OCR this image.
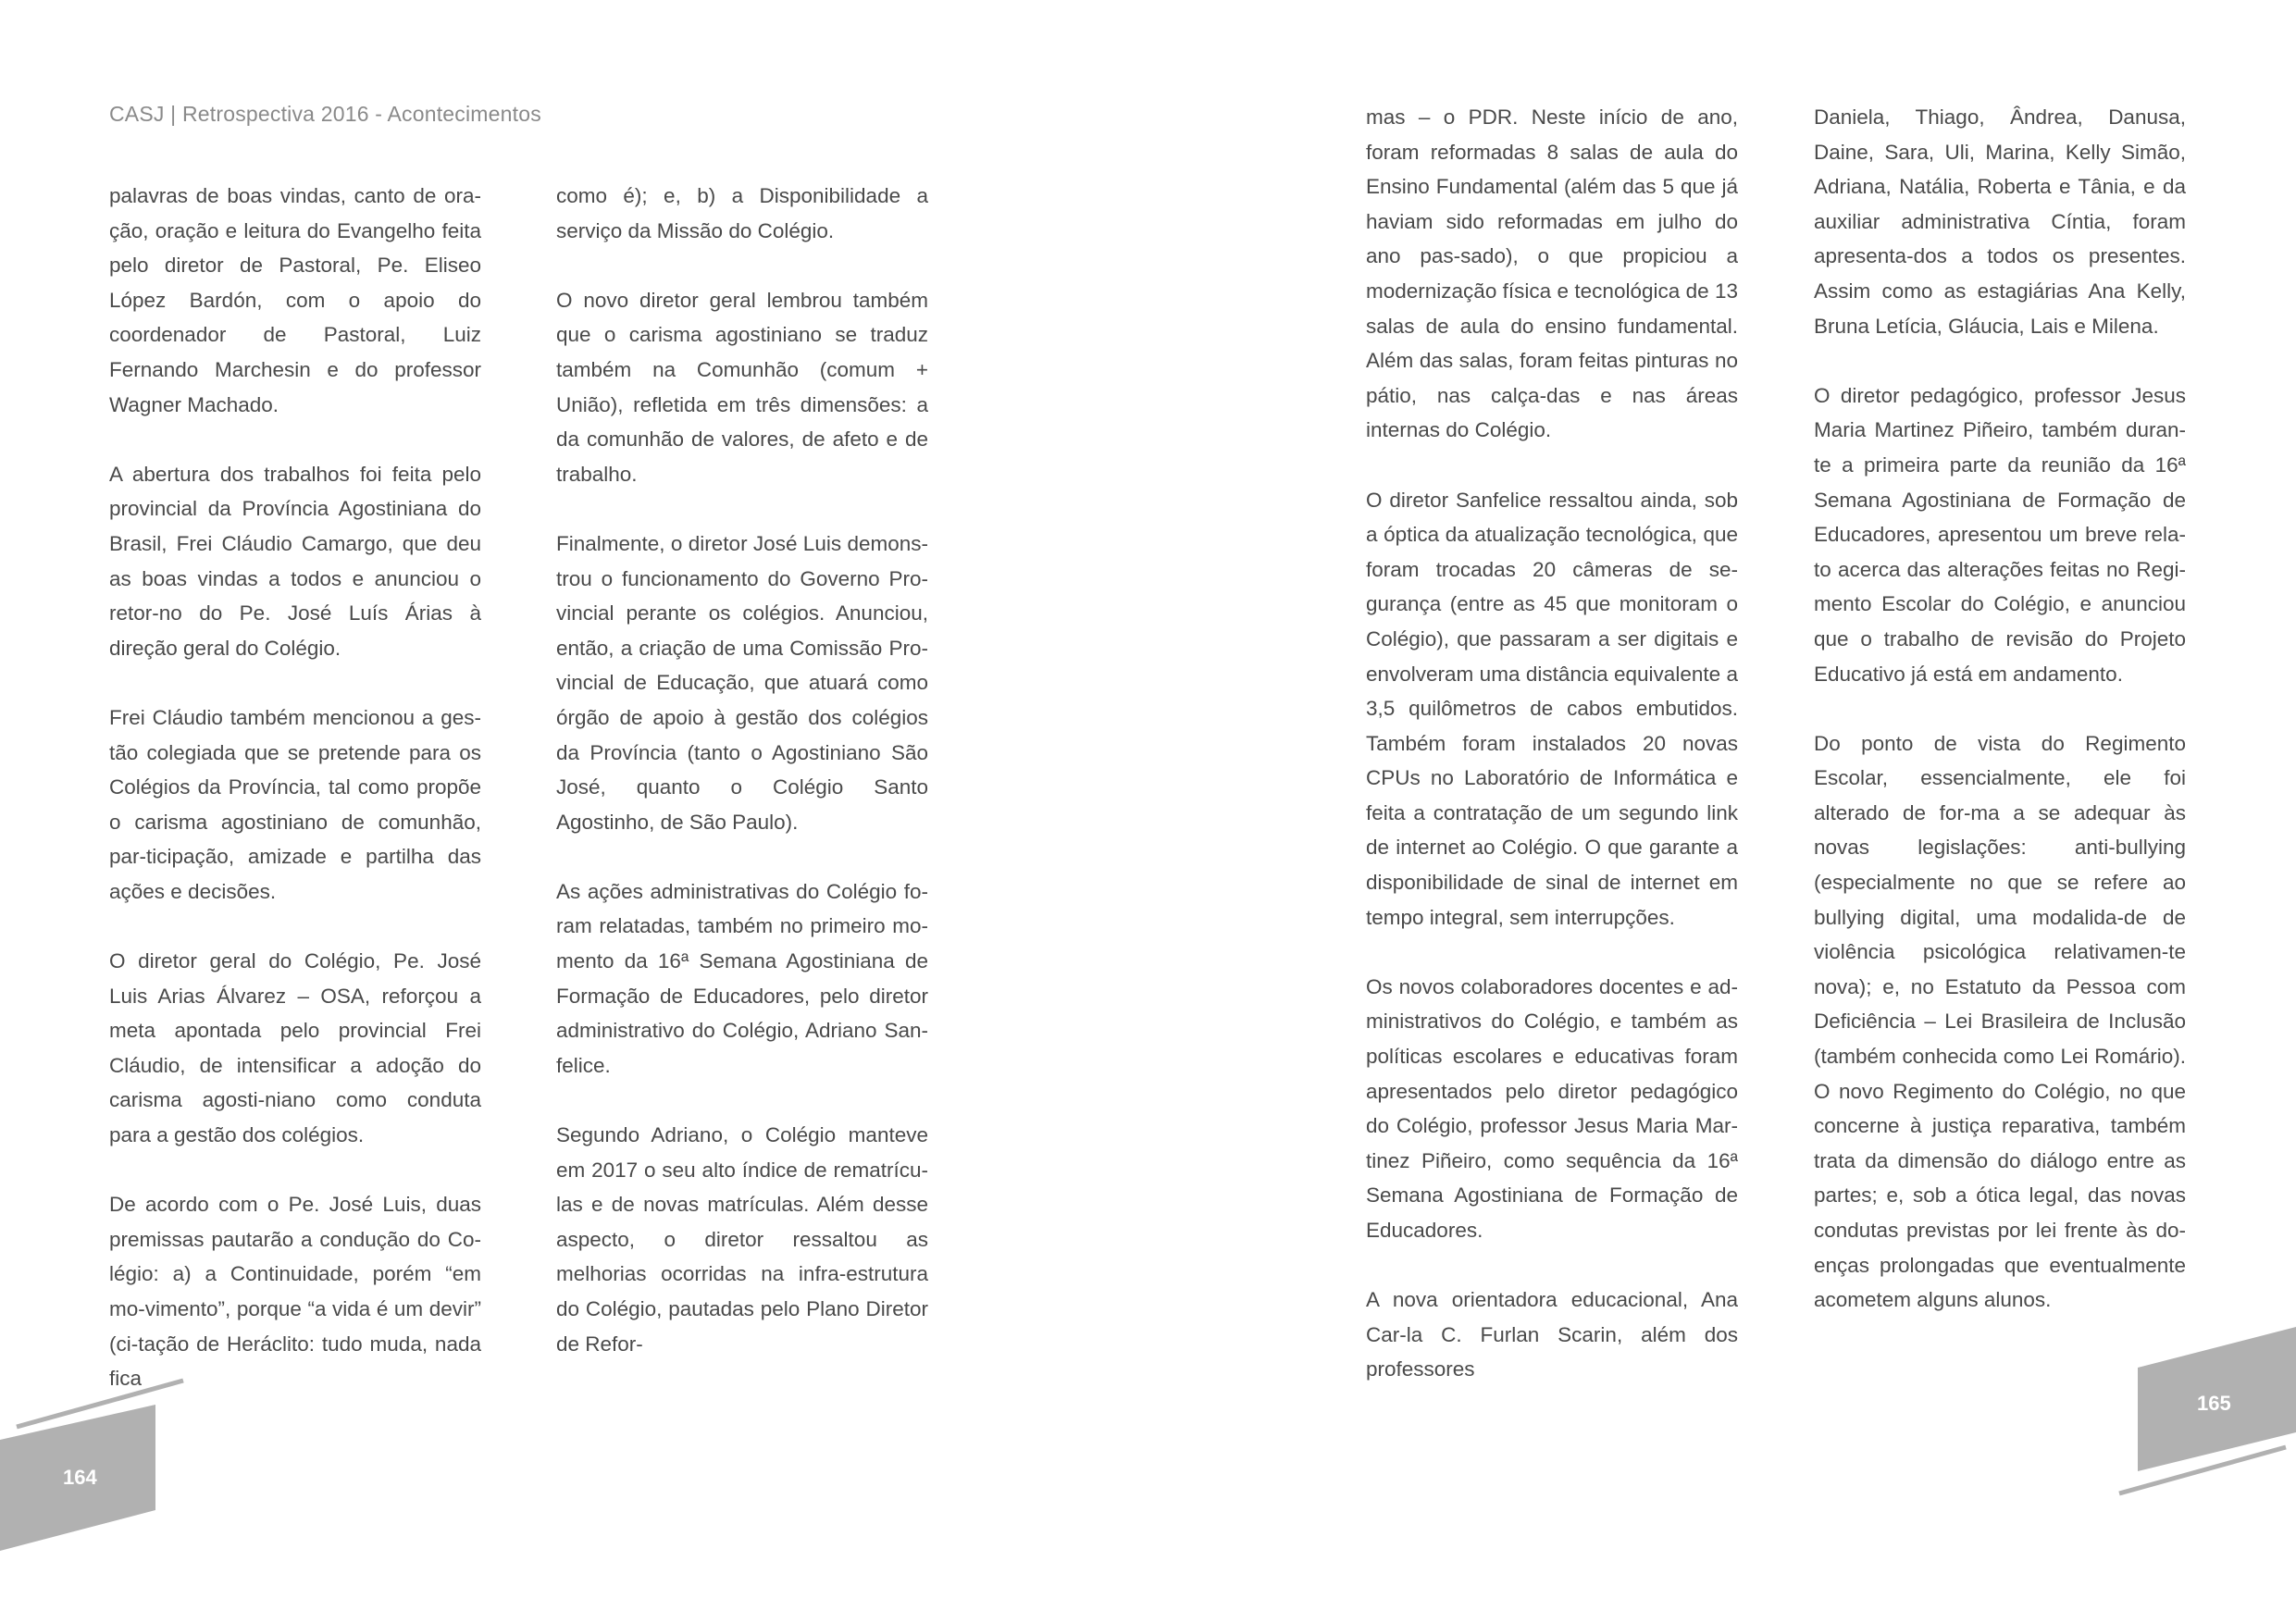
CASJ | Retrospectiva 2016 - Acontecimentos

palavras de boas vindas, canto de ora-ção, oração e leitura do Evangelho feita pelo diretor de Pastoral, Pe. Eliseo López Bardón, com o apoio do coordenador de Pastoral, Luiz Fernando Marchesin e do professor Wagner Machado.

A abertura dos trabalhos foi feita pelo provincial da Província Agostiniana do Brasil, Frei Cláudio Camargo, que deu as boas vindas a todos e anunciou o retor-no do Pe. José Luís Árias à direção geral do Colégio.

Frei Cláudio também mencionou a ges-tão colegiada que se pretende para os Colégios da Província, tal como propõe o carisma agostiniano de comunhão, par-ticipação, amizade e partilha das ações e decisões.

O diretor geral do Colégio, Pe. José Luis Arias Álvarez – OSA, reforçou a meta apontada pelo provincial Frei Cláudio, de intensificar a adoção do carisma agosti-niano como conduta para a gestão dos colégios.

De acordo com o Pe. José Luis, duas premissas pautarão a condução do Co-légio: a) a Continuidade, porém “em mo-vimento”, porque “a vida é um devir” (ci-tação de Heráclito: tudo muda, nada fica

como é); e, b) a Disponibilidade a serviço da Missão do Colégio.

O novo diretor geral lembrou também que o carisma agostiniano se traduz também na Comunhão (comum + União), refletida em três dimensões: a da comunhão de valores, de afeto e de trabalho.

Finalmente, o diretor José Luis demons-trou o funcionamento do Governo Pro-vincial perante os colégios. Anunciou, então, a criação de uma Comissão Pro-vincial de Educação, que atuará como órgão de apoio à gestão dos colégios da Província (tanto o Agostiniano São José, quanto o Colégio Santo Agostinho, de São Paulo).

As ações administrativas do Colégio fo-ram relatadas, também no primeiro mo-mento da 16ª Semana Agostiniana de Formação de Educadores, pelo diretor administrativo do Colégio, Adriano San-felice.

Segundo Adriano, o Colégio manteve em 2017 o seu alto índice de rematrícu-las e de novas matrículas. Além desse aspecto, o diretor ressaltou as melhorias ocorridas na infra-estrutura do Colégio, pautadas pelo Plano Diretor de Refor-

mas – o PDR. Neste início de ano, foram reformadas 8 salas de aula do Ensino Fundamental (além das 5 que já haviam sido reformadas em julho do ano pas-sado), o que propiciou a modernização física e tecnológica de 13 salas de aula do ensino fundamental. Além das salas, foram feitas pinturas no pátio, nas calça-das e nas áreas internas do Colégio.

O diretor Sanfelice ressaltou ainda, sob a óptica da atualização tecnológica, que foram trocadas 20 câmeras de se-gurança (entre as 45 que monitoram o Colégio), que passaram a ser digitais e envolveram uma distância equivalente a 3,5 quilômetros de cabos embutidos. Também foram instalados 20 novas CPUs no Laboratório de Informática e feita a contratação de um segundo link de internet ao Colégio. O que garante a disponibilidade de sinal de internet em tempo integral, sem interrupções.

Os novos colaboradores docentes e ad-ministrativos do Colégio, e também as políticas escolares e educativas foram apresentados pelo diretor pedagógico do Colégio, professor Jesus Maria Mar-tinez Piñeiro, como sequência da 16ª Semana Agostiniana de Formação de Educadores.

A nova orientadora educacional, Ana Car-la C. Furlan Scarin, além dos professores

Daniela, Thiago, Ândrea, Danusa, Daine, Sara, Uli, Marina, Kelly Simão, Adriana, Natália, Roberta e Tânia, e da auxiliar administrativa Cíntia, foram apresenta-dos a todos os presentes. Assim como as estagiárias Ana Kelly, Bruna Letícia, Gláucia, Lais e Milena.

O diretor pedagógico, professor Jesus Maria Martinez Piñeiro, também duran-te a primeira parte da reunião da 16ª Semana Agostiniana de Formação de Educadores, apresentou um breve rela-to acerca das alterações feitas no Regi-mento Escolar do Colégio, e anunciou que o trabalho de revisão do Projeto Educativo já está em andamento.

Do ponto de vista do Regimento Escolar, essencialmente, ele foi alterado de for-ma a se adequar às novas legislações: anti-bullying (especialmente no que se refere ao bullying digital, uma modalida-de de violência psicológica relativamen-te nova); e, no Estatuto da Pessoa com Deficiência – Lei Brasileira de Inclusão (também conhecida como Lei Romário). O novo Regimento do Colégio, no que concerne à justiça reparativa, também trata da dimensão do diálogo entre as partes; e, sob a ótica legal, das novas condutas previstas por lei frente às do-enças prolongadas que eventualmente acometem alguns alunos.

164
165
